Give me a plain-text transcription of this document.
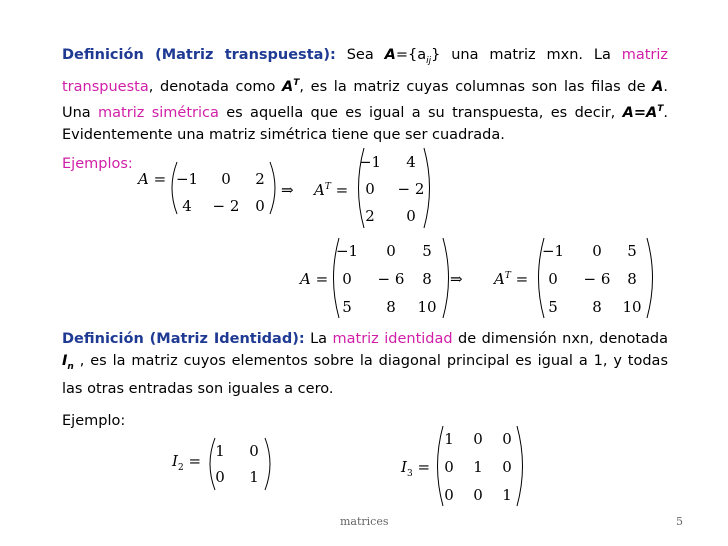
Definición (Matriz transpuesta): Sea $A=\{a_{ij}\}$ una matriz mxn. La matriz transpuesta, denotada como $A^T$, es la matriz cuyas columnas son las filas de A. Una matriz simétrica es aquella que es igual a su transpuesta, es decir, $A=A^T$. Evidentemente una matriz simétrica tiene que ser cuadrada.
Ejemplos:
A = −1	0	2
4	− 2	0
⇒ $A^T$ =
−1	4
0	− 2
2	0
A =
−1	0	5
0	− 6	8
5	8	10
⇒ $A^T$ =
−1	0	5
0	− 6	8
5	8	10
Definición (Matriz Identidad): La matriz identidad de dimensión nxn, denotada $I_n$ , es la matriz cuyos elementos sobre la diagonal principal es igual a 1, y todas las otras entradas son iguales a cero.
Ejemplo:
$I_2$ =
1	0
0	1
$I_3$ =
1	0	0
0	1	0
0	0	1
matrices	5
